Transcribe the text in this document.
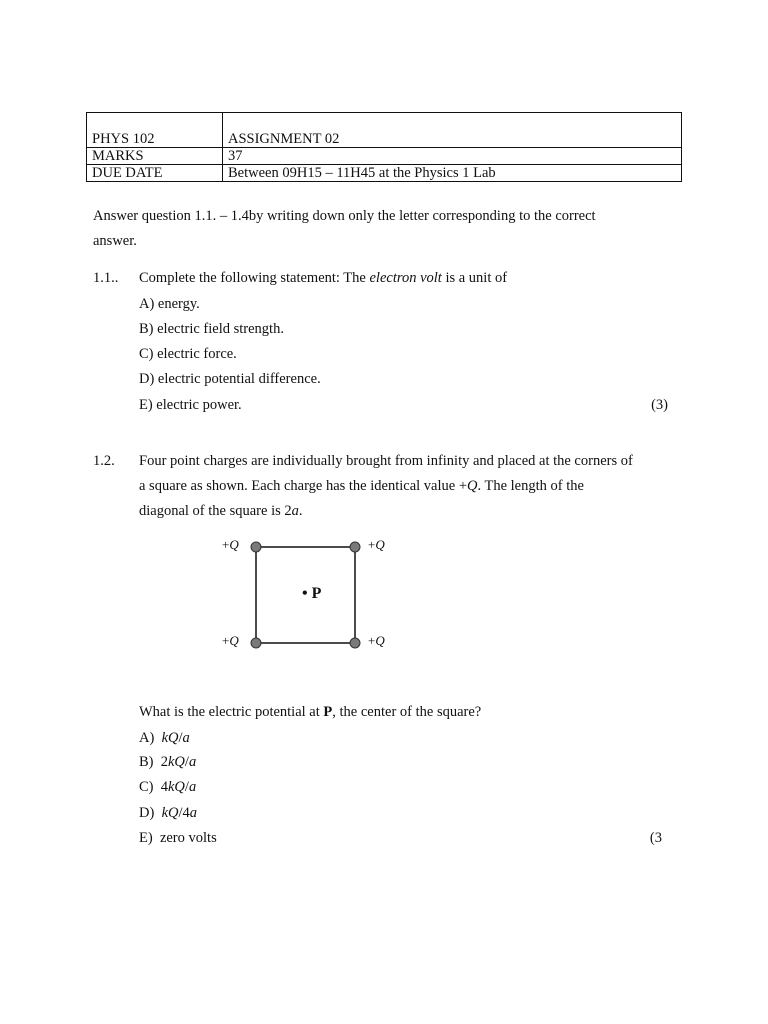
PHYS 102	ASSIGNMENT 02
MARKS	37
DUE DATE	Between 09H15 – 11H45 at the Physics 1 Lab
Answer question 1.1. – 1.4by writing down only the letter corresponding to the correct
answer.
1.1.. Complete the following statement: The electron volt is a unit of
A) energy.
B) electric field strength.
C) electric force.
D) electric potential difference.
E) electric power.	(3)
1.2. Four point charges are individually brought from infinity and placed at the corners of
a square as shown. Each charge has the identical value +Q. The length of the
diagonal of the square is 2a.
+Q	+Q
+Q	+Q
• P
What is the electric potential at P, the center of the square?
A) kQ/a
B) 2kQ/a
C) 4kQ/a
D) kQ/4a
E) zero volts	(3
